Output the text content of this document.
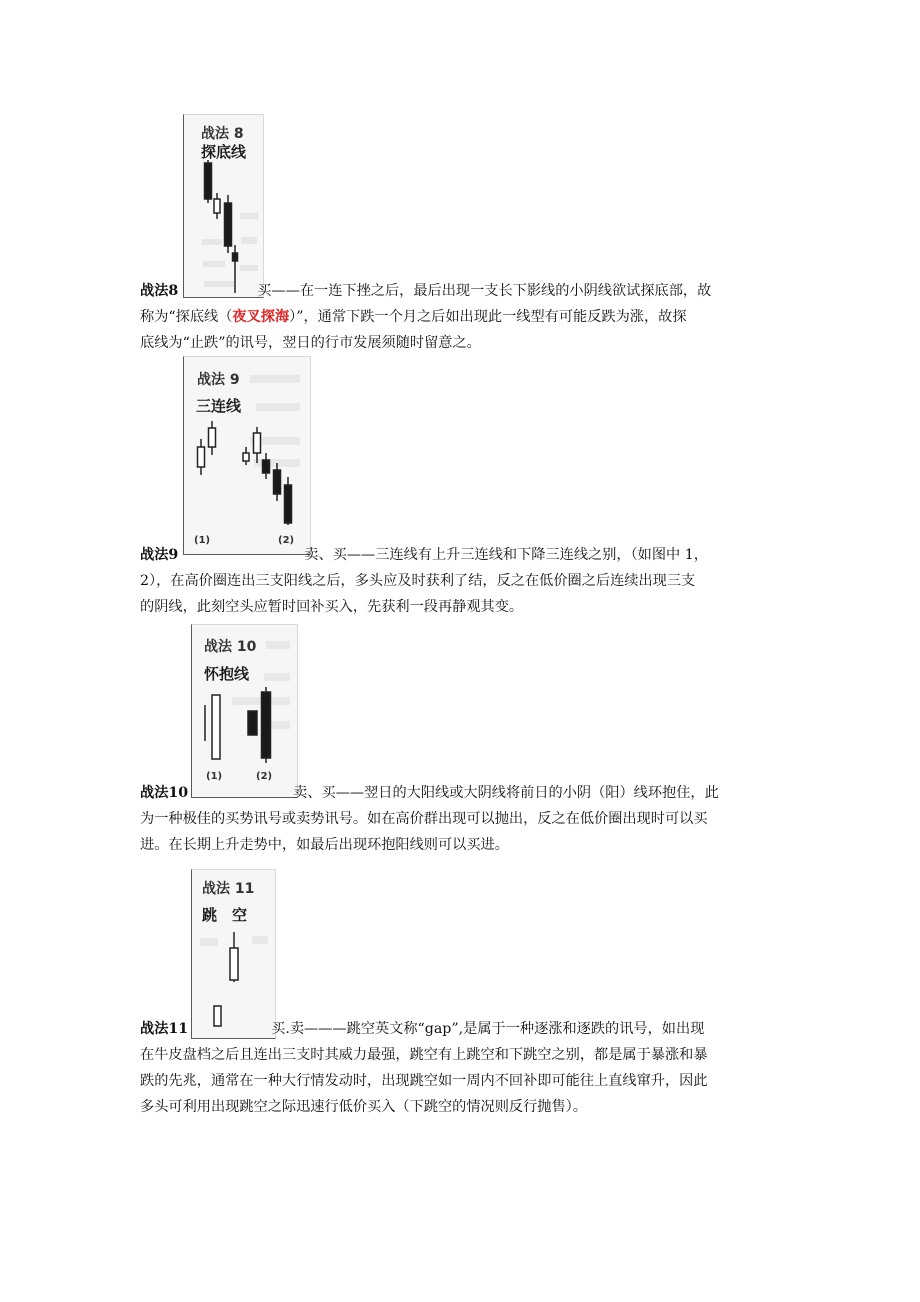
战法 8
探底线
战法8	买——在一连下挫之后，最后出现一支长下影线的小阴线欲试探底部，故
称为“探底线（夜叉探海）”，通常下跌一个月之后如出现此一线型有可能反跌为涨，故探
底线为“止跌”的讯号，翌日的行市发展须随时留意之。
战法 9
三连线
(1)	(2)
战法9	卖、买——三连线有上升三连线和下降三连线之别，（如图中 1，
2），在高价圈连出三支阳线之后，多头应及时获利了结，反之在低价圈之后连续出现三支
的阴线，此刻空头应暂时回补买入，先获利一段再静观其变。
战法 10
怀抱线
(1)	(2)
战法10	卖、买——翌日的大阳线或大阴线将前日的小阴（阳）线环抱住，此
为一种极佳的买势讯号或卖势讯号。如在高价群出现可以抛出，反之在低价圈出现时可以买
进。在长期上升走势中，如最后出现环抱阳线则可以买进。
战法 11
跳　空
战法11	买.卖———跳空英文称“gap”,是属于一种逐涨和逐跌的讯号，如出现
在牛皮盘档之后且连出三支时其威力最强，跳空有上跳空和下跳空之别，都是属于暴涨和暴
跌的先兆，通常在一种大行情发动时，出现跳空如一周内不回补即可能往上直线窜升，因此
多头可利用出现跳空之际迅速行低价买入（下跳空的情况则反行抛售）。
